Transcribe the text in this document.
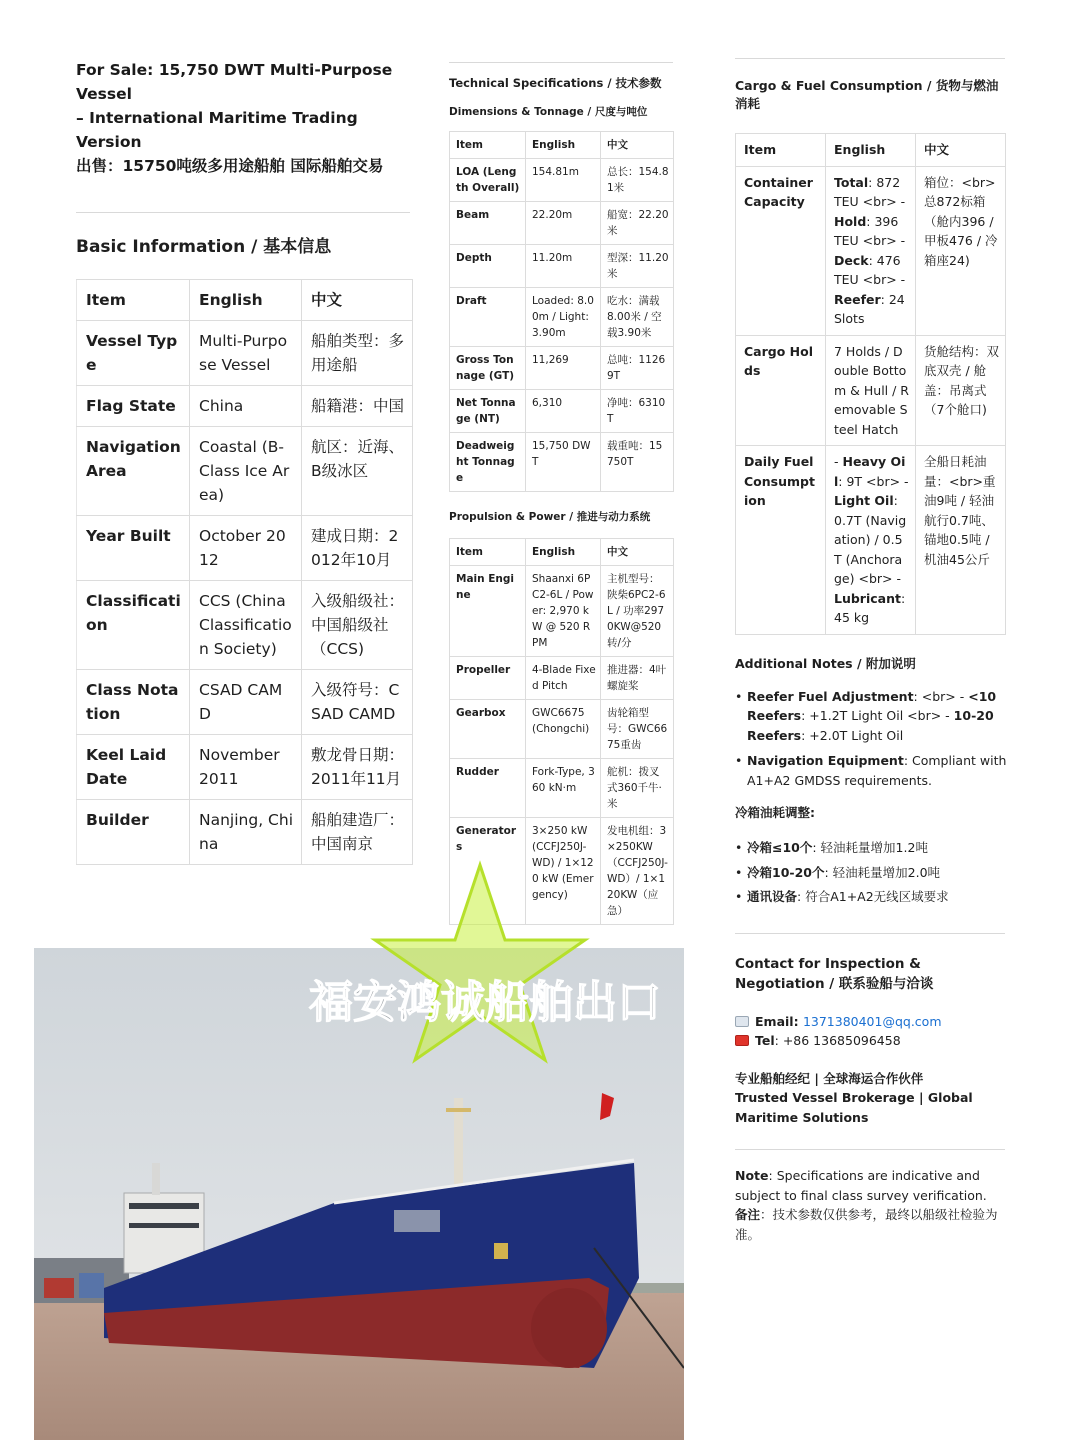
For Sale: 15,750 DWT Multi-Purpose Vessel
– International Maritime Trading Version
出售：15750吨级多用途船舶 国际船舶交易
Basic Information / 基本信息
Item	English	中文
Vessel Type	Multi-Purpose Vessel	船舶类型：多用途船
Flag State	China	船籍港：中国
Navigation Area	Coastal (B-Class Ice Area)	航区：近海、B级冰区
Year Built	October 2012	建成日期：2012年10月
Classification	CCS (China Classification Society)	入级船级社：中国船级社（CCS)
Class Notation	CSAD CAMD	入级符号：CSAD CAMD
Keel Laid Date	November 2011	敷龙骨日期：2011年11月
Builder	Nanjing, China	船舶建造厂：中国南京
Technical Specifications / 技术参数
Dimensions & Tonnage / 尺度与吨位
Item	English	中文
LOA (Length Overall)	154.81m	总长：154.81米
Beam	22.20m	船宽：22.20米
Depth	11.20m	型深：11.20米
Draft	Loaded: 8.00m / Light: 3.90m	吃水：满载8.00米 / 空载3.90米
Gross Tonnage (GT)	11,269	总吨：11269T
Net Tonnage (NT)	6,310	净吨：6310T
Deadweight Tonnage	15,750 DWT	载重吨：15750T
Propulsion & Power / 推进与动力系统
Item	English	中文
Main Engine	Shaanxi 6PC2-6L / Power: 2,970 kW @ 520 RPM	主机型号：陕柴6PC2-6L / 功率2970KW@520转/分
Propeller	4-Blade Fixed Pitch	推进器：4叶螺旋桨
Gearbox	GWC6675 (Chongchi)	齿轮箱型号：GWC6675重齿
Rudder	Fork-Type, 360 kN·m	舵机：拨叉式360千牛·米
Generators	3×250 kW (CCFJ250J-WD) / 1×120 kW (Emergency)	发电机组：3×250KW（CCFJ250J-WD）/ 1×120KW（应急）
Cargo & Fuel Consumption / 货物与燃油消耗
Item	English	中文
Container Capacity	Total: 872 TEU <br> - Hold: 396 TEU <br> - Deck: 476 TEU <br> - Reefer: 24 Slots	箱位：<br>总872标箱（舱内396 / 甲板476 / 冷箱座24)
Cargo Holds	7 Holds / Double Bottom & Hull / Removable Steel Hatch	货舱结构：双底双壳 / 舱盖：吊离式（7个舱口)
Daily Fuel Consumption	- Heavy Oil: 9T <br> - Light Oil: 0.7T (Navigation) / 0.5T (Anchorage) <br> - Lubricant: 45 kg	全船日耗油量：<br>重油9吨 / 轻油航行0.7吨、锚地0.5吨 / 机油45公斤
Additional Notes / 附加说明
• Reefer Fuel Adjustment: <br> - <10 Reefers: +1.2T Light Oil <br> - 10-20 Reefers: +2.0T Light Oil
• Navigation Equipment: Compliant with A1+A2 GMDSS requirements.
冷箱油耗调整:
• 冷箱≤10个: 轻油耗量增加1.2吨
• 冷箱10-20个: 轻油耗量增加2.0吨
• 通讯设备: 符合A1+A2无线区域要求
Contact for Inspection & Negotiation / 联系验船与洽谈
Email: 1371380401@qq.com
Tel: +86 13685096458
专业船舶经纪 | 全球海运合作伙伴
Trusted Vessel Brokerage | Global Maritime Solutions
Note: Specifications are indicative and subject to final class survey verification.
备注：技术参数仅供参考，最终以船级社检验为准。
福安鸿诚船舶出口
